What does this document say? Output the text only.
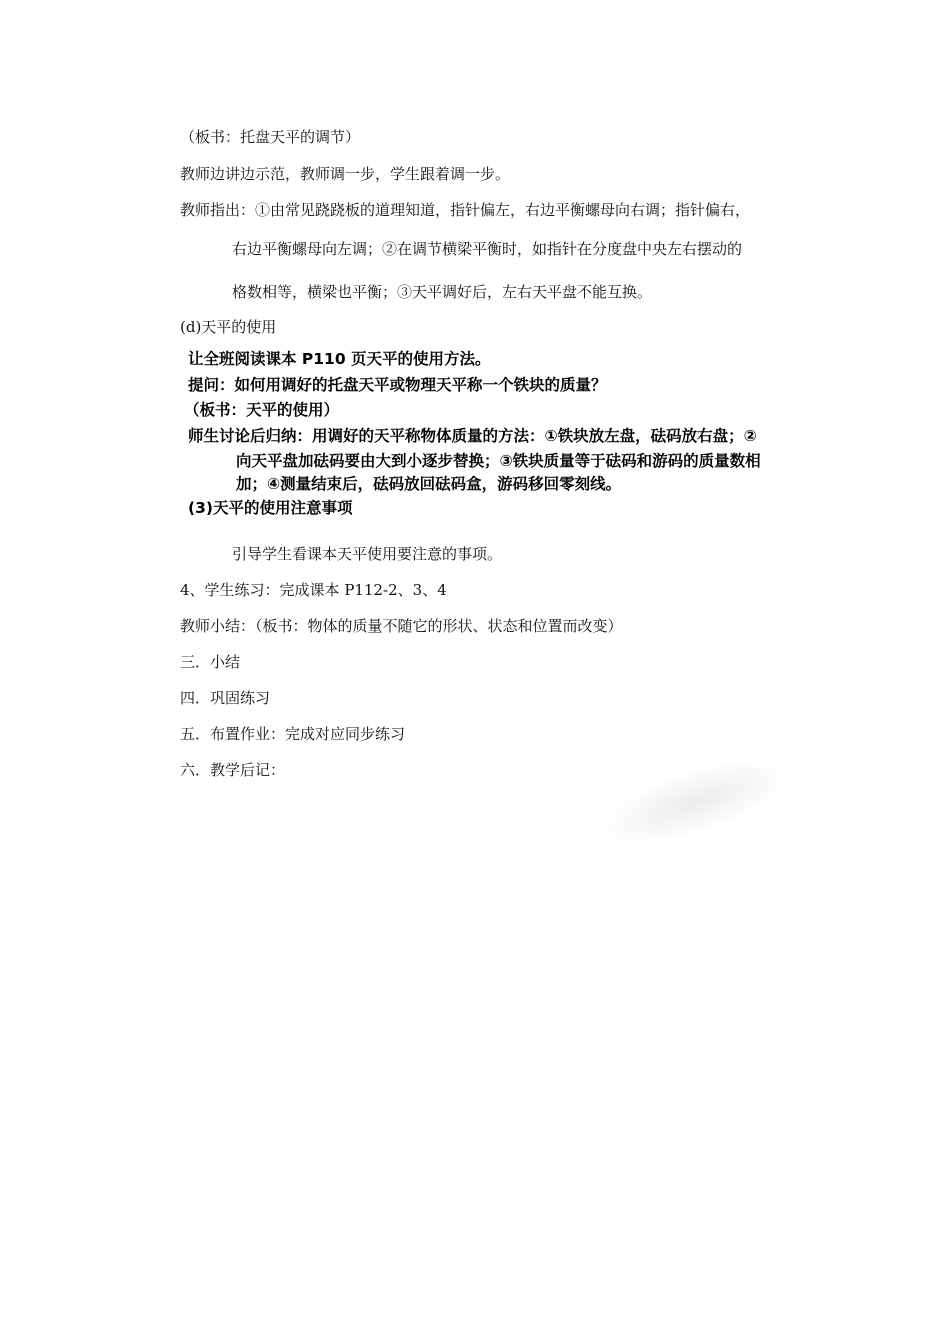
（板书：托盘天平的调节）
教师边讲边示范，教师调一步，学生跟着调一步。
教师指出：①由常见跷跷板的道理知道，指针偏左，右边平衡螺母向右调；指针偏右，
右边平衡螺母向左调；②在调节横梁平衡时，如指针在分度盘中央左右摆动的
格数相等，横梁也平衡；③天平调好后，左右天平盘不能互换。
(d)天平的使用
让全班阅读课本 P110 页天平的使用方法。
提问：如何用调好的托盘天平或物理天平称一个铁块的质量？
（板书：天平的使用）
师生讨论后归纳：用调好的天平称物体质量的方法：①铁块放左盘，砝码放右盘；②
向天平盘加砝码要由大到小逐步替换；③铁块质量等于砝码和游码的质量数相
加；④测量结束后，砝码放回砝码盒，游码移回零刻线。
(3)天平的使用注意事项
引导学生看课本天平使用要注意的事项。
4、学生练习：完成课本 P112-2、3、4
教师小结：（板书：物体的质量不随它的形状、状态和位置而改变）
三．小结
四．巩固练习
五．布置作业：完成对应同步练习
六．教学后记：
